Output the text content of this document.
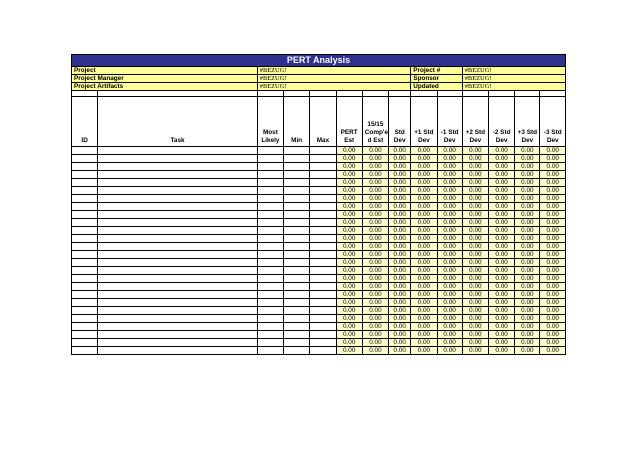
PERT Analysis													
Project		#BEZUG!						Project #		#BEZUG!			
Project Manager		#BEZUG!						Sponsor		#BEZUG!			
Project Artifacts		#BEZUG!						Updated		#BEZUG!			

ID	Task	Most Likely	Min	Max	PERT Est	15/15 Comp'e d Est	Std Dev	+1 Std Dev	-1 Std Dev	+2 Std Dev	-2 Std Dev	+3 Std Dev	-3 Std Dev
					0.00	0.00	0.00	0.00	0.00	0.00	0.00	0.00	0.00
					0.00	0.00	0.00	0.00	0.00	0.00	0.00	0.00	0.00
					0.00	0.00	0.00	0.00	0.00	0.00	0.00	0.00	0.00
					0.00	0.00	0.00	0.00	0.00	0.00	0.00	0.00	0.00
					0.00	0.00	0.00	0.00	0.00	0.00	0.00	0.00	0.00
					0.00	0.00	0.00	0.00	0.00	0.00	0.00	0.00	0.00
					0.00	0.00	0.00	0.00	0.00	0.00	0.00	0.00	0.00
					0.00	0.00	0.00	0.00	0.00	0.00	0.00	0.00	0.00
					0.00	0.00	0.00	0.00	0.00	0.00	0.00	0.00	0.00
					0.00	0.00	0.00	0.00	0.00	0.00	0.00	0.00	0.00
					0.00	0.00	0.00	0.00	0.00	0.00	0.00	0.00	0.00
					0.00	0.00	0.00	0.00	0.00	0.00	0.00	0.00	0.00
					0.00	0.00	0.00	0.00	0.00	0.00	0.00	0.00	0.00
					0.00	0.00	0.00	0.00	0.00	0.00	0.00	0.00	0.00
					0.00	0.00	0.00	0.00	0.00	0.00	0.00	0.00	0.00
					0.00	0.00	0.00	0.00	0.00	0.00	0.00	0.00	0.00
					0.00	0.00	0.00	0.00	0.00	0.00	0.00	0.00	0.00
					0.00	0.00	0.00	0.00	0.00	0.00	0.00	0.00	0.00
					0.00	0.00	0.00	0.00	0.00	0.00	0.00	0.00	0.00
					0.00	0.00	0.00	0.00	0.00	0.00	0.00	0.00	0.00
					0.00	0.00	0.00	0.00	0.00	0.00	0.00	0.00	0.00
					0.00	0.00	0.00	0.00	0.00	0.00	0.00	0.00	0.00
					0.00	0.00	0.00	0.00	0.00	0.00	0.00	0.00	0.00
					0.00	0.00	0.00	0.00	0.00	0.00	0.00	0.00	0.00
					0.00	0.00	0.00	0.00	0.00	0.00	0.00	0.00	0.00
					0.00	0.00	0.00	0.00	0.00	0.00	0.00	0.00	0.00
